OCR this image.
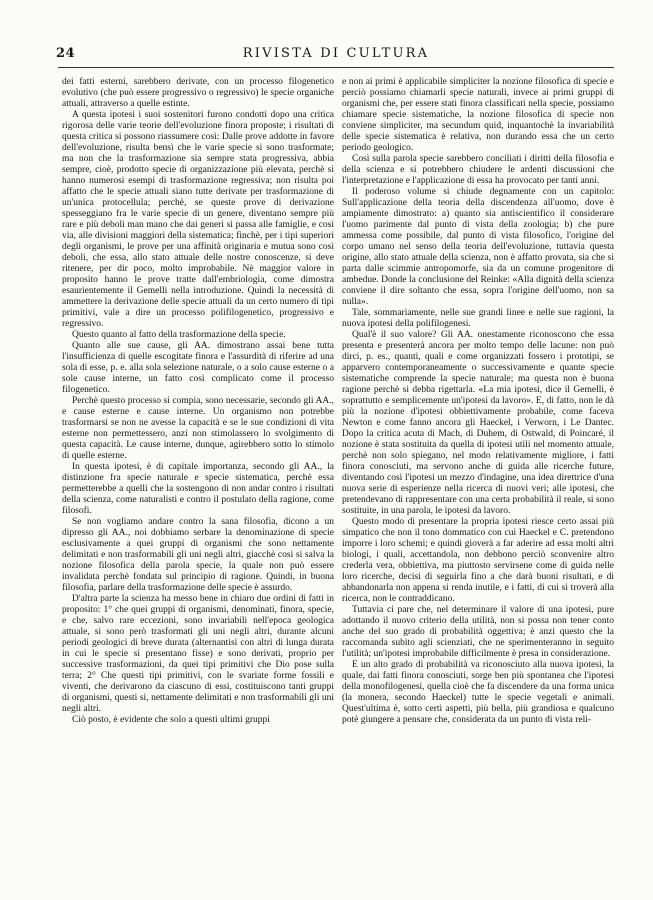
24	RIVISTA DI CULTURA

dei fatti esterni, sarebbero derivate, con un processo filogenetico evolutivo (che può essere progressivo o regressivo) le specie organiche attuali, attraverso a quelle estinte.

A questa ipotesi i suoi sostenitori furono condotti dopo una critica rigorosa delle varie teorie dell'evoluzione finora proposte; i risultati di questa critica si possono riassumere così: Dalle prove addotte in favore dell'evoluzione, risulta bensì che le varie specie si sono trasformate; ma non che la trasformazione sia sempre stata progressiva, abbia sempre, cioè, prodotto specie di organizzazione più elevata, perchè si hanno numerosi esempi di trasformazione regressiva; non risulta poi affatto che le specie attuali siano tutte derivate per trasformazione di un'unica protocellula; perchè, se queste prove di derivazione spesseggiano fra le varie specie di un genere, diventano sempre più rare e più deboli man mano che dai generi si passa alle famiglie, e così via, alle divisioni maggiori della sistematica; finchè, per i tipi superiori degli organismi, le prove per una affinità originaria e mutua sono così deboli, che essa, allo stato attuale delle nostre conoscenze, si deve ritenere, per dir poco, molto improbabile. Nè maggior valore in proposito hanno le prove tratte dall'embriologia, come dimostra esaurientemente il Gemelli nella introduzione. Quindi la necessità di ammettere la derivazione delle specie attuali da un certo numero di tipi primitivi, vale a dire un processo polifilogenetico, progressivo e regressivo.

Questo quanto al fatto della trasformazione della specie.

Quanto alle sue cause, gli AA. dimostrano assai bene tutta l'insufficienza di quelle escogitate finora e l'assurdità di riferire ad una sola di esse, p. e. alla sola selezione naturale, o a solo cause esterne o a sole cause interne, un fatto così complicato come il processo filogenetico.

Perchè questo processo si compia, sono necessarie, secondo gli AA., e cause esterne e cause interne. Un organismo non potrebbe trasformarsi se non ne avesse la capacità e se le sue condizioni di vita esterne non permettessero, anzi non stimolassero lo svolgimento di questa capacità. Le cause interne, dunque, agirebbero sotto lo stimolo di quelle esterne.

In questa ipotesi, è di capitale importanza, secondo gli AA., la distinzione fra specie naturale e specie sistematica, perchè essa permetterebbe a quelli che la sostengono di non andar contro i risultati della scienza, come naturalisti e contro il postulato della ragione, come filosofi.

Se non vogliamo andare contro la sana filosofia, dicono a un dipresso gli AA., noi dobbiamo serbare la denominazione di specie esclusivamente a quei gruppi di organismi che sono nettamente delimitati e non trasformabili gli uni negli altri, giacchè così si salva la nozione filosofica della parola specie, la quale non può essere invalidata perchè fondata sul principio di ragione. Quindi, in buona filosofia, parlare della trasformazione delle specie è assurdo.

D'altra parte la scienza ha messo bene in chiaro due ordini di fatti in proposito: 1° che quei gruppi di organismi, denominati, finora, specie, e che, salvo rare eccezioni, sono invariabili nell'epoca geologica attuale, si sono però trasformati gli uni negli altri, durante alcuni periodi geologici di breve durata (alternantisi con altri di lunga durata in cui le specie si presentano fisse) e sono derivati, proprio per successive trasformazioni, da quei tipi primitivi che Dio pose sulla terra; 2° Che questi tipi primitivi, con le svariate forme fossili e viventi, che derivarono da ciascuno di essi, costituiscono tanti gruppi di organismi, questi sì, nettamente delimitati e non trasformabili gli uni negli altri.

Ciò posto, è evidente che solo a questi ultimi gruppi

e non ai primi è applicabile simpliciter la nozione filosofica di specie e perciò possiamo chiamarli specie naturali, invece ai primi gruppi di organismi che, per essere stati finora classificati nella specie, possiamo chiamare specie sistematiche, la nozione filosofica di specie non conviene simpliciter, ma secundum quid, inquantochè la invariabilità delle specie sistematica è relativa, non durando essa che un certo periodo geologico.

Così sulla parola specie sarebbero conciliati i diritti della filosofia e della scienza e si potrebbero chiudere le ardenti discussioni che l'interpretazione e l'applicazione di essa ha provocato per tanti anni.

Il poderoso volume si chiude degnamente con un capitolo: Sull'applicazione della teoria della discendenza all'uomo, dove è ampiamente dimostrato: a) quanto sia antiscientifico il considerare l'uomo parimente dal punto di vista della zoologia; b) che pure ammessa come possibile, dal punto di vista filosofico, l'origine del corpo umano nel senso della teoria dell'evoluzione, tuttavia questa origine, allo stato attuale della scienza, non è affatto provata, sia che si parta dalle scimmie antropomorfe, sia da un comune progenitore di ambedue. Donde la conclusione del Reinke: «Alla dignità della scienza conviene il dire soltanto che essa, sopra l'origine dell'uomo, non sa nulla».

Tale, sommariamente, nelle sue grandi linee e nelle sue ragioni, la nuova ipotesi della polifilogenesi.

Qual'è il suo valore? Gli AA. onestamente riconoscono che essa presenta e presenterà ancora per molto tempo delle lacune: non può dirci, p. es., quanti, quali e come organizzati fossero i prototipi, se apparvero contemporaneamente o successivamente e quante specie sistematiche comprende la specie naturale; ma questa non è buona ragione perchè si debba rigettarla. «La mia ipotesi, dice il Gemelli, è soprattutto e semplicemente un'ipotesi da lavoro». E, di fatto, non le dà più la nozione d'ipotesi obbiettivamente probabile, come faceva Newton e come fanno ancora gli Haeckel, i Verworn, i Le Dantec. Dopo la critica acuta di Mach, di Duhem, di Ostwald, di Poincaré, il nozione è stata sostituita da quella di ipotesi utili nel momento attuale, perchè non solo spiegano, nel modo relativamente migliore, i fatti finora conosciuti, ma servono anche di guida alle ricerche future, diventando così l'ipotesi un mezzo d'indagine, una idea direttrice d'una nuova serie di esperienze nella ricerca di nuovi veri; alle ipotesi, che pretendevano di rappresentare con una certa probabilità il reale, si sono sostituite, in una parola, le ipotesi da lavoro.

Questo modo di presentare la propria ipotesi riesce certo assai più simpatico che non il tono dommatico con cui Haeckel e C. pretendono imporre i loro schemi; e quindi gioverà a far aderire ad essa molti altri biologi, i quali, accettandola, non debbono perciò sconvenire altro crederla vera, obbiettiva, ma piuttosto servirsene come di guida nelle loro ricerche, decisi di seguirla fino a che darà buoni risultati, e di abbandonarla non appena si renda inutile, e i fatti, di cui si troverà alla ricerca, non le contraddicano.

Tuttavia ci pare che, nel determinare il valore di una ipotesi, pure adottando il nuovo criterio della utilità, non si possa non tener conto anche del suo grado di probabilità oggettiva; è anzi questo che la raccomanda subito agli scienziati, che ne sperimenteranno in seguito l'utilità; un'ipotesi improbabile difficilmente è presa in considerazione.

E un alto grado di probabilità va riconosciuto alla nuova ipotesi, la quale, dai fatti finora conosciuti, sorge ben più spontanea che l'ipotesi della monofilogenesi, quella cioè che fa discendere da una forma unica (la monera, secondo Haeckel) tutte le specie vegetali e animali. Quest'ultima è, sotto certi aspetti, più bella, più grandiosa e qualcuno potè giungere a pensare che, considerata da un punto di vista reli-
